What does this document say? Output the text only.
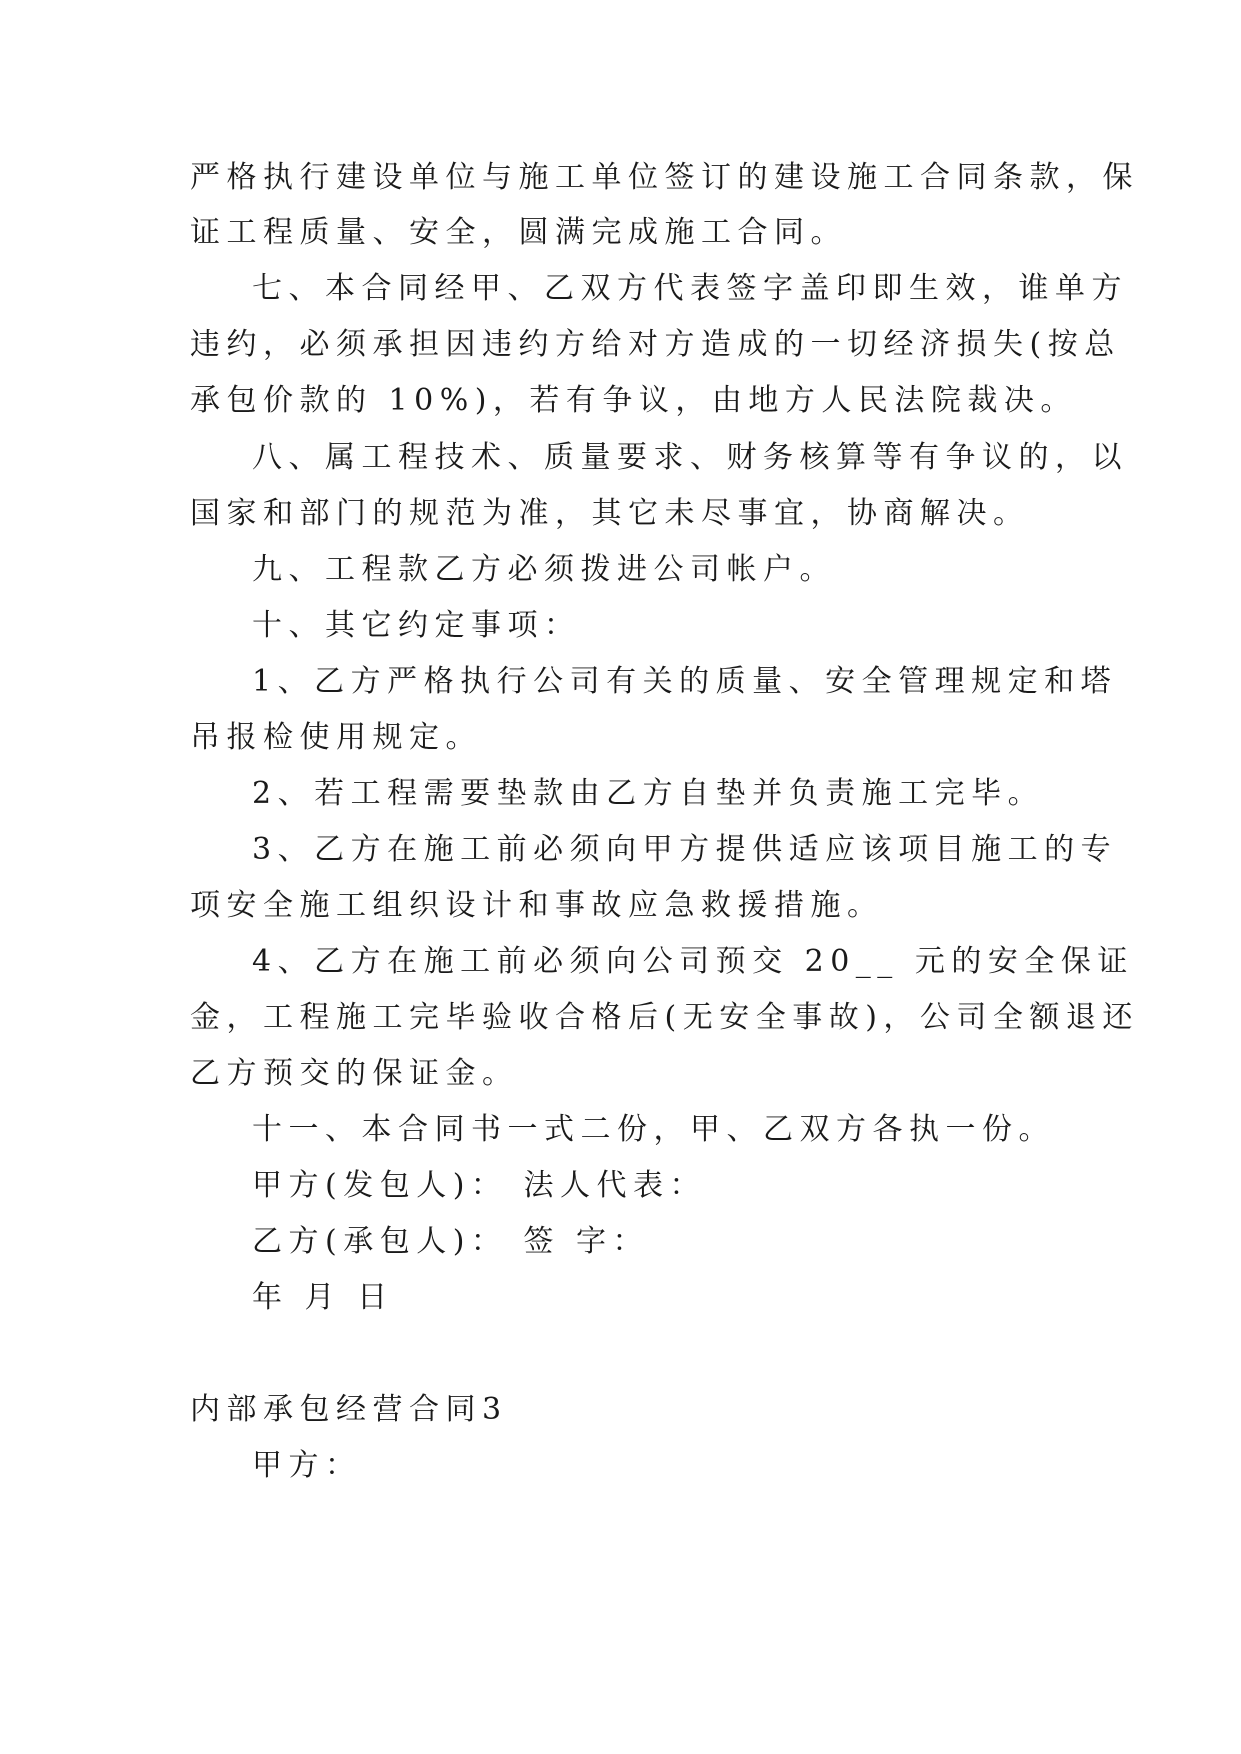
严格执行建设单位与施工单位签订的建设施工合同条款，保
证工程质量、安全，圆满完成施工合同。
七、本合同经甲、乙双方代表签字盖印即生效，谁单方
违约，必须承担因违约方给对方造成的一切经济损失(按总
承包价款的 10%)，若有争议，由地方人民法院裁决。
八、属工程技术、质量要求、财务核算等有争议的，以
国家和部门的规范为准，其它未尽事宜，协商解决。
九、工程款乙方必须拨进公司帐户。
十、其它约定事项：
1、乙方严格执行公司有关的质量、安全管理规定和塔
吊报检使用规定。
2、若工程需要垫款由乙方自垫并负责施工完毕。
3、乙方在施工前必须向甲方提供适应该项目施工的专
项安全施工组织设计和事故应急救援措施。
4、乙方在施工前必须向公司预交 20__ 元的安全保证
金，工程施工完毕验收合格后(无安全事故)，公司全额退还
乙方预交的保证金。
十一、本合同书一式二份，甲、乙双方各执一份。
甲方(发包人)： 法人代表：
乙方(承包人)： 签 字：
年 月 日
内部承包经营合同3
甲方：
